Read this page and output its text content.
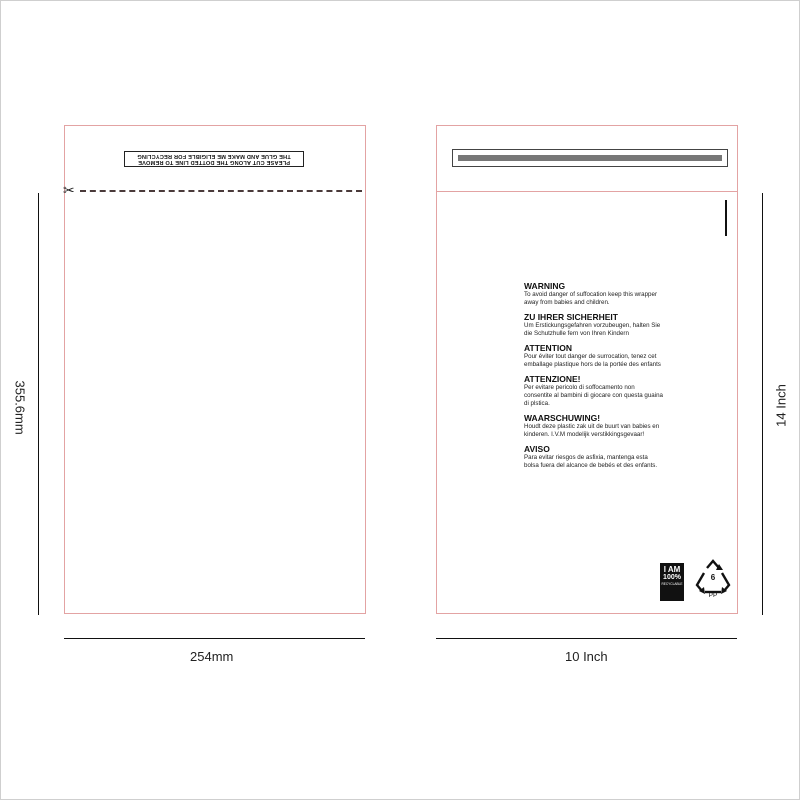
PLEASE CUT ALONG THE DOTTED LINE TO REMOVE
THE GLUE AND MAKE ME ELIGIBLE FOR RECYCLING
✂
WARNING
To avoid danger of suffocation keep this wrapper away from babies and children.
ZU IHRER SICHERHEIT
Um Erstickungsgefahren vorzubeugen, halten Sie die Schutzhulle fern von Ihren Kindern
ATTENTION
Pour éviter tout danger de surrocation, tenez cet emballage plastique hors de la portée des enfants
ATTENZIONE!
Per evitare pericolo di soffocamento non consentite al bambini di giocare con questa guaina di plstica.
WAARSCHUWING!
Houdt deze plastic zak uit de buurt van babies en kinderen. I.V.M modelijk verstikkingsgevaar!
AVISO
Para evitar riesgos de asfixia, mantenga esta bolsa fuera del alcance de bebés et des enfants.
I AM
100%
RECYCLABLE
6
PP
254mm	10 Inch
355.6mm	14 Inch
